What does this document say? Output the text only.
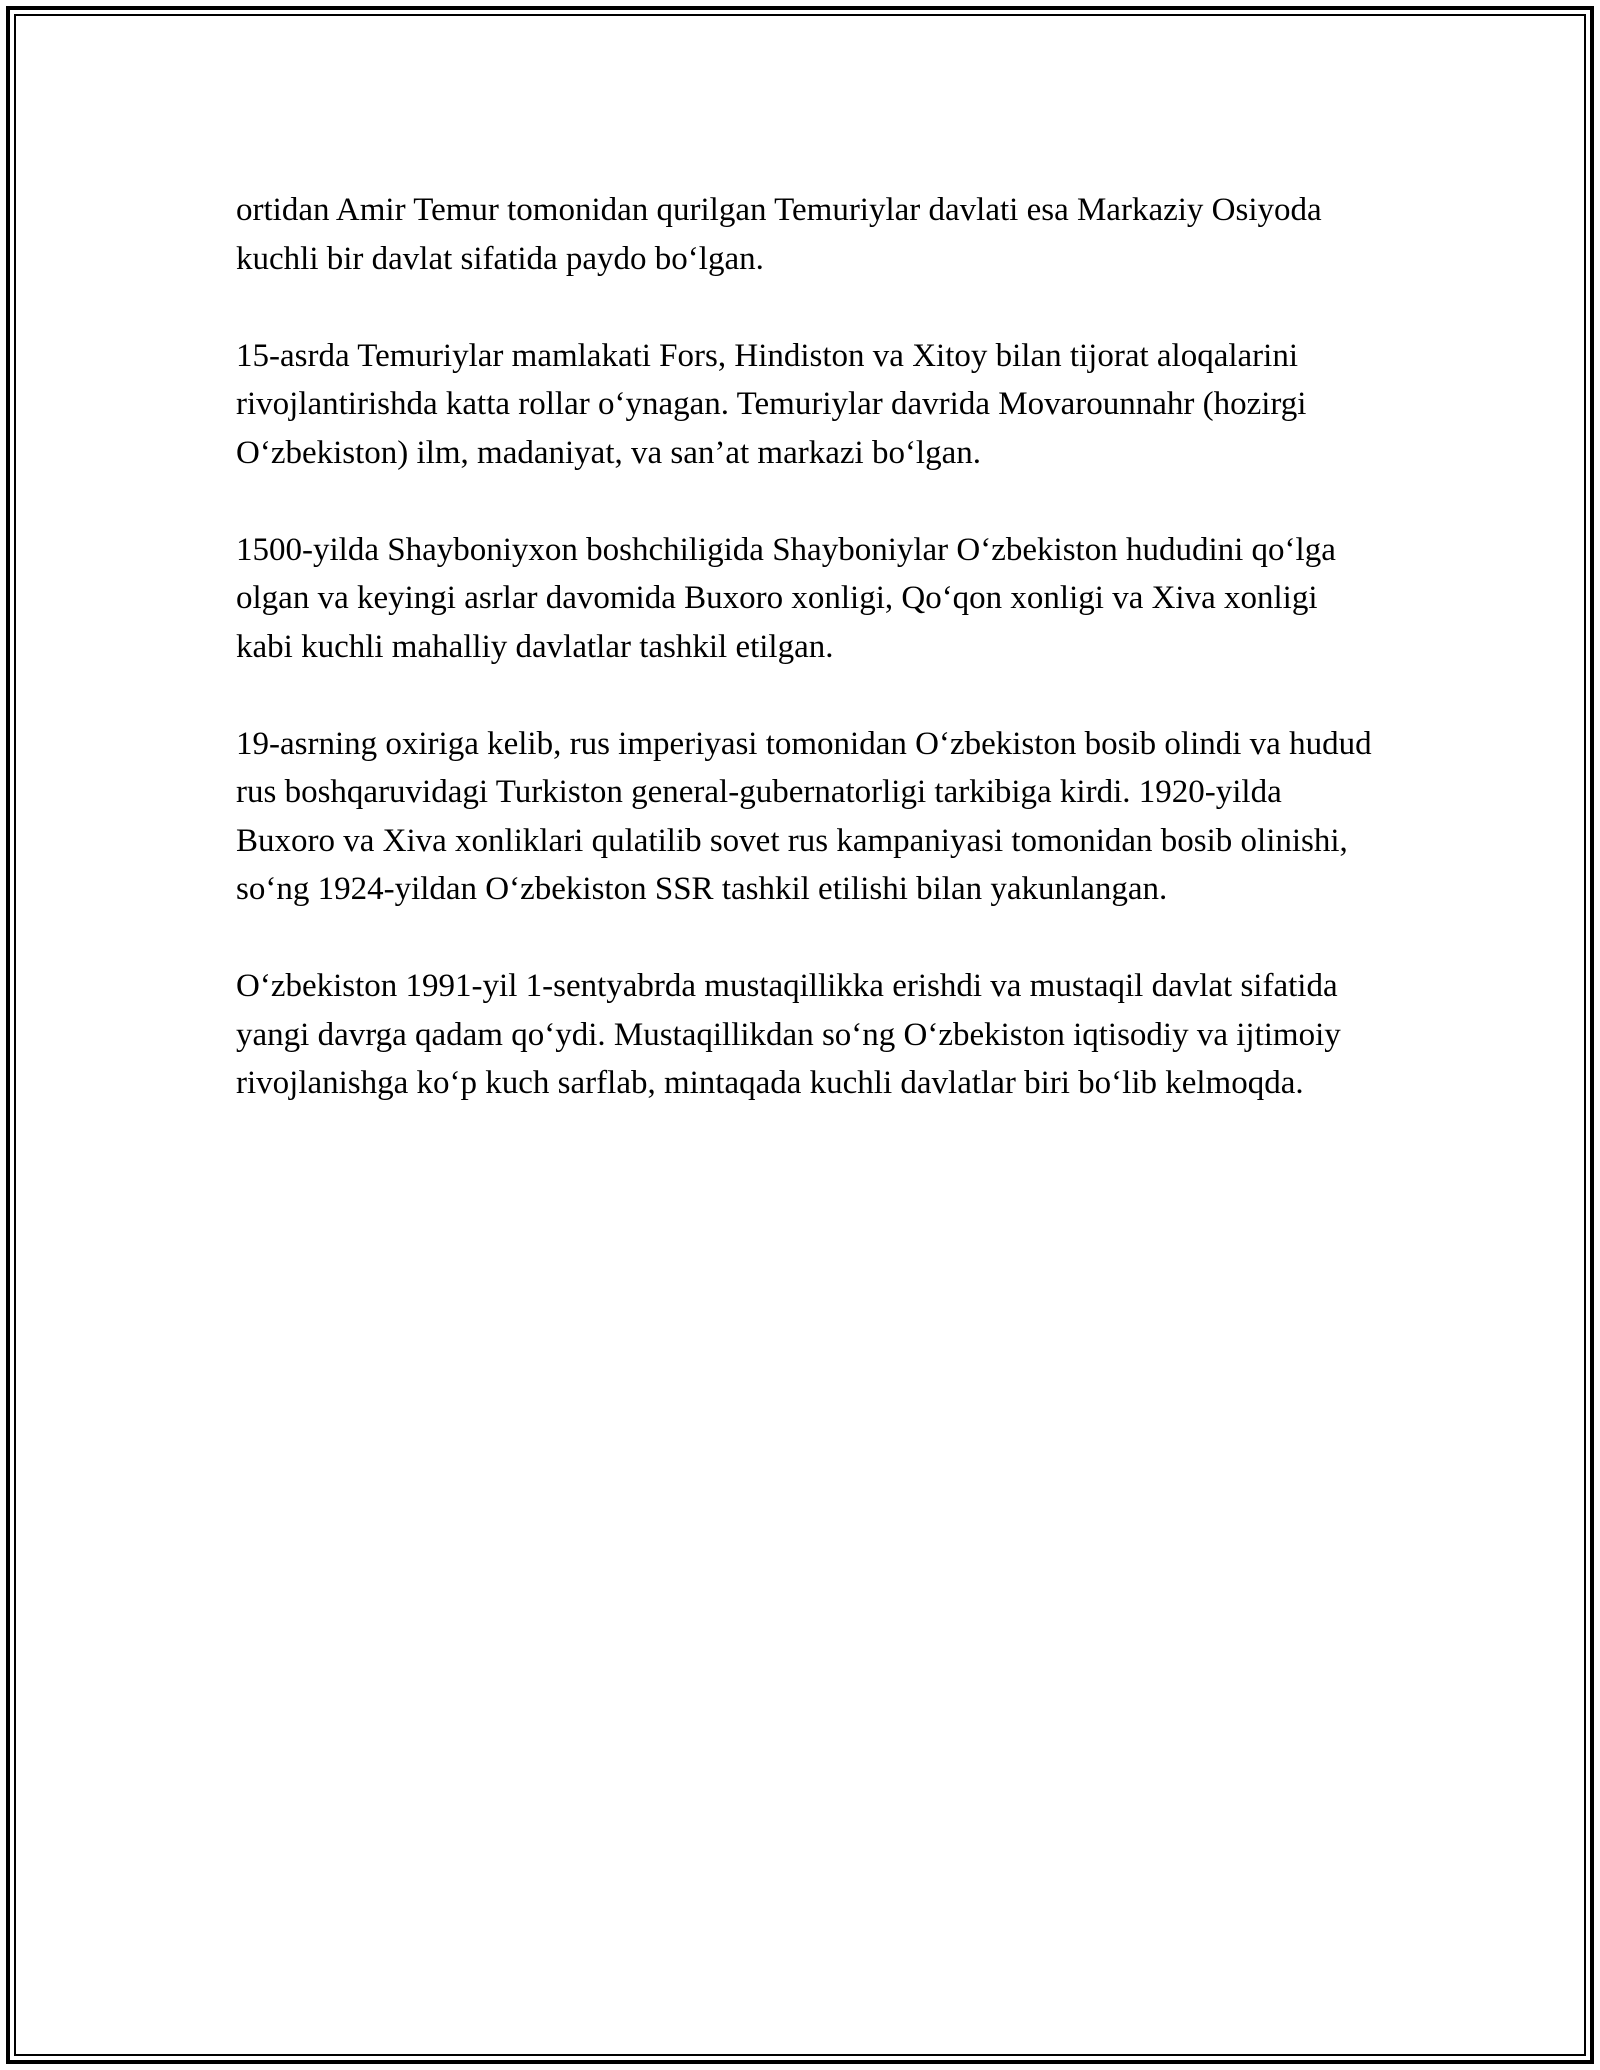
ortidan Amir Temur tomonidan qurilgan Temuriylar davlati esa Markaziy Osiyoda kuchli bir davlat sifatida paydo bo‘lgan.

15-asrda Temuriylar mamlakati Fors, Hindiston va Xitoy bilan tijorat aloqalarini rivojlantirishda katta rollar o‘ynagan. Temuriylar davrida Movarounnahr (hozirgi O‘zbekiston) ilm, madaniyat, va san’at markazi bo‘lgan.

1500-yilda Shayboniyxon boshchiligida Shayboniylar O‘zbekiston hududini qo‘lga olgan va keyingi asrlar davomida Buxoro xonligi, Qo‘qon xonligi va Xiva xonligi kabi kuchli mahalliy davlatlar tashkil etilgan.

19-asrning oxiriga kelib, rus imperiyasi tomonidan O‘zbekiston bosib olindi va hudud rus boshqaruvidagi Turkiston general-gubernatorligi tarkibiga kirdi. 1920-yilda Buxoro va Xiva xonliklari qulatilib sovet rus kampaniyasi tomonidan bosib olinishi, so‘ng 1924-yildan O‘zbekiston SSR tashkil etilishi bilan yakunlangan.

O‘zbekiston 1991-yil 1-sentyabrda mustaqillikka erishdi va mustaqil davlat sifatida yangi davrga qadam qo‘ydi. Mustaqillikdan so‘ng O‘zbekiston iqtisodiy va ijtimoiy rivojlanishga ko‘p kuch sarflab, mintaqada kuchli davlatlar biri bo‘lib kelmoqda.
